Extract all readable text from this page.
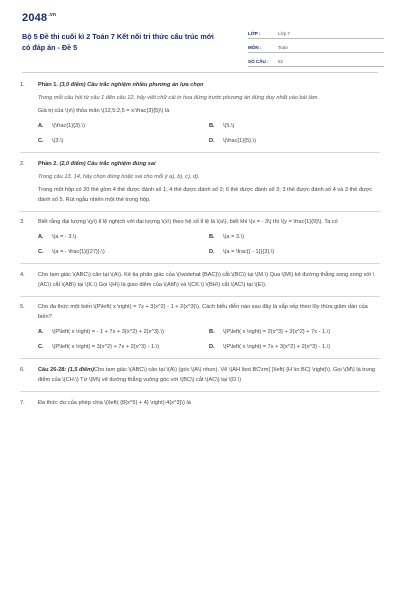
$2048^{.vn}$
Bộ 5 Đề thi cuối kì 2 Toán 7 Kết nối tri thức cấu trúc mới có đáp án - Đề 5
LỚP :	Lớp 7
MÔN :	Toán
SỐ CÂU : 52
1. Phần 1. (3,0 điểm) Câu trắc nghiệm nhiều phương án lựa chọn
Trong mỗi câu hỏi từ câu 1 đến câu 12, hãy viết chữ cái in hoa đứng trước phương án đúng duy nhất vào bài làm.
Giá trị của \(x\) thỏa mãn \(12,5:2,5 = x:\frac{3}{5}\) là
A.	\(\frac{1}{3}.\)	B.	\(5.\)
C.	\(3.\)	D.	\(\frac{1}{5}.\)
2. Phần 2. (2,0 điểm) Câu trắc nghiệm đúng sai
Trong câu 13, 14, hãy chọn đúng hoặc sai cho mỗi ý a), b), c), d).
Trong một hộp có 20 thẻ gồm 4 thẻ được đánh số 1; 4 thẻ được đánh số 2; 6 thẻ được đánh số 3; 3 thẻ được đánh số 4 và 3 thẻ được đánh số 5. Rút ngẫu nhiên một thẻ trong hộp.
3. Biết rằng đại lượng \(y\) tỉ lệ nghịch với đại lượng \(x\) theo hệ số tỉ lệ là \(a\), biết khi \(x = - 3\) thì \(y = \frac{1}{9}\). Ta có
A.	\(a = - 3.\)	B.	\(a = 3.\)
C.	\(a = - \frac{1}{{27}}.\)	D.	\(a = \frac{{ - 1}}{3}.\)
4. Cho tam giác \(ABC\) cân tại \(A\). Kẻ tia phân giác của \(\widehat {BAC}\) cắt \(BC\) tại \(M.\) Qua \(M\) kẻ đường thẳng song song với \(AC\) cắt \(AB\) tại \(K.\) Gọi \(H\) là giao điểm của \(AM\) và \(CK.\) \(BH\) cắt \(AC\) tại \(E\).
5. Cho đa thức một biến \(P\left( x \right) = 7x + 3{x^2} - 1 + 2{x^3}\). Cách biểu diễn nào sau đây là sắp xếp theo lũy thừa giảm dần của biến?
A.	\(P\left( x \right) = - 1 + 7x + 3{x^2} + 2{x^3}.\)	B.	\(P\left( x \right) = 2{x^3} + 3{x^2} + 7x - 1.\)
C.	\(P\left( x \right) = 3{x^2} + 7x + 2{x^3} - 1.\)	D.	\(P\left( x \right) = 7x + 3{x^2} + 2{x^3} - 1.\)
6. Câu 26-28: (1,5 điểm)Cho tam giác \(ABC\) cân tại \(A\) (góc \(A\) nhọn). Vẽ \(AH \bot BC\rm{ }\left( {H \in BC} \right)\). Gọi \(M\) là trung điểm của \(CH.\) Từ \(M\) vẽ đường thẳng vuông góc với \(BC\) cắt \(AC\) tại \(D.\)
7. Đa thức dư của phép chia \(\left( {8{x^5} + 4} \right):4{x^3}\) là
